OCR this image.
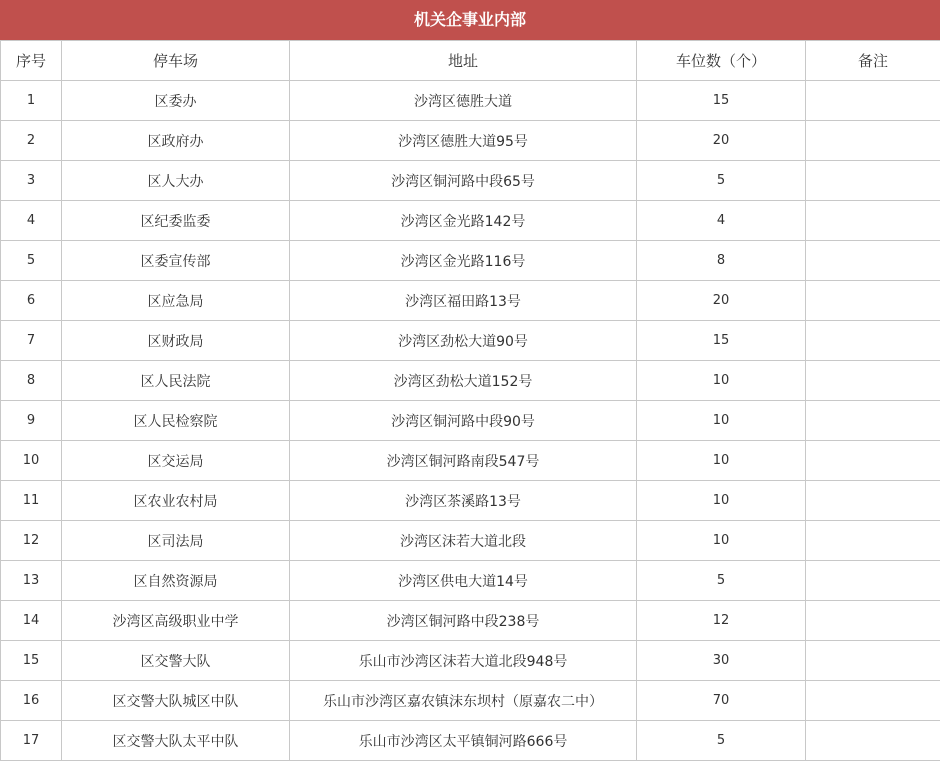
机关企事业内部
序号	停车场	地址	车位数（个）	备注
1	区委办	沙湾区德胜大道	15	
2	区政府办	沙湾区德胜大道95号	20	
3	区人大办	沙湾区铜河路中段65号	5	
4	区纪委监委	沙湾区金光路142号	4	
5	区委宣传部	沙湾区金光路116号	8	
6	区应急局	沙湾区福田路13号	20	
7	区财政局	沙湾区劲松大道90号	15	
8	区人民法院	沙湾区劲松大道152号	10	
9	区人民检察院	沙湾区铜河路中段90号	10	
10	区交运局	沙湾区铜河路南段547号	10	
11	区农业农村局	沙湾区茶溪路13号	10	
12	区司法局	沙湾区沫若大道北段	10	
13	区自然资源局	沙湾区供电大道14号	5	
14	沙湾区高级职业中学	沙湾区铜河路中段238号	12	
15	区交警大队	乐山市沙湾区沫若大道北段948号	30	
16	区交警大队城区中队	乐山市沙湾区嘉农镇沫东坝村（原嘉农二中）	70	
17	区交警大队太平中队	乐山市沙湾区太平镇铜河路666号	5	
